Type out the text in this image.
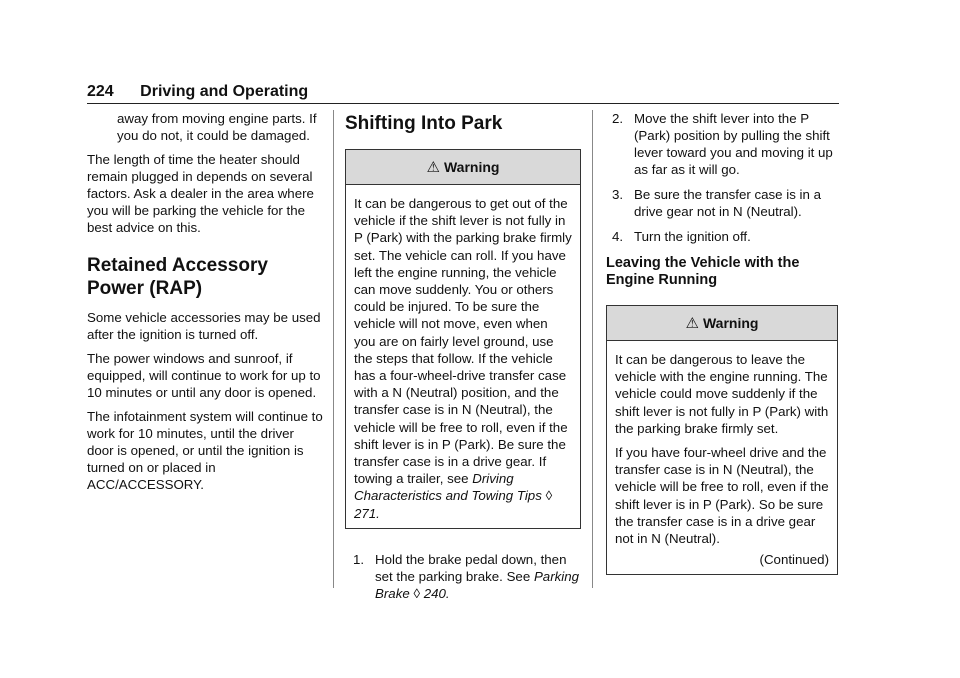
224 Driving and Operating

away from moving engine parts. If you do not, it could be damaged.

The length of time the heater should remain plugged in depends on several factors. Ask a dealer in the area where you will be parking the vehicle for the best advice on this.

Retained Accessory
Power (RAP)

Some vehicle accessories may be used after the ignition is turned off.

The power windows and sunroof, if equipped, will continue to work for up to 10 minutes or until any door is opened.

The infotainment system will continue to work for 10 minutes, until the driver door is opened, or until the ignition is turned on or placed in ACC/ACCESSORY.

Shifting Into Park
⚠ Warning
It can be dangerous to get out of the vehicle if the shift lever is not fully in P (Park) with the parking brake firmly set. The vehicle can roll. If you have left the engine running, the vehicle can move suddenly. You or others could be injured. To be sure the vehicle will not move, even when you are on fairly level ground, use the steps that follow. If the vehicle has a four-wheel-drive transfer case with a N (Neutral) position, and the transfer case is in N (Neutral), the vehicle will be free to roll, even if the shift lever is in P (Park). Be sure the transfer case is in a drive gear. If towing a trailer, see Driving Characteristics and Towing Tips ◊ 271.
1. Hold the brake pedal down, then set the parking brake. See Parking Brake ◊ 240.
2. Move the shift lever into the P (Park) position by pulling the shift lever toward you and moving it up as far as it will go.
3. Be sure the transfer case is in a drive gear not in N (Neutral).
4. Turn the ignition off.
Leaving the Vehicle with the Engine Running
⚠ Warning

It can be dangerous to leave the vehicle with the engine running. The vehicle could move suddenly if the shift lever is not fully in P (Park) with the parking brake firmly set.

If you have four-wheel drive and the transfer case is in N (Neutral), the vehicle will be free to roll, even if the shift lever is in P (Park). So be sure the transfer case is in a drive gear not in N (Neutral).

(Continued)
